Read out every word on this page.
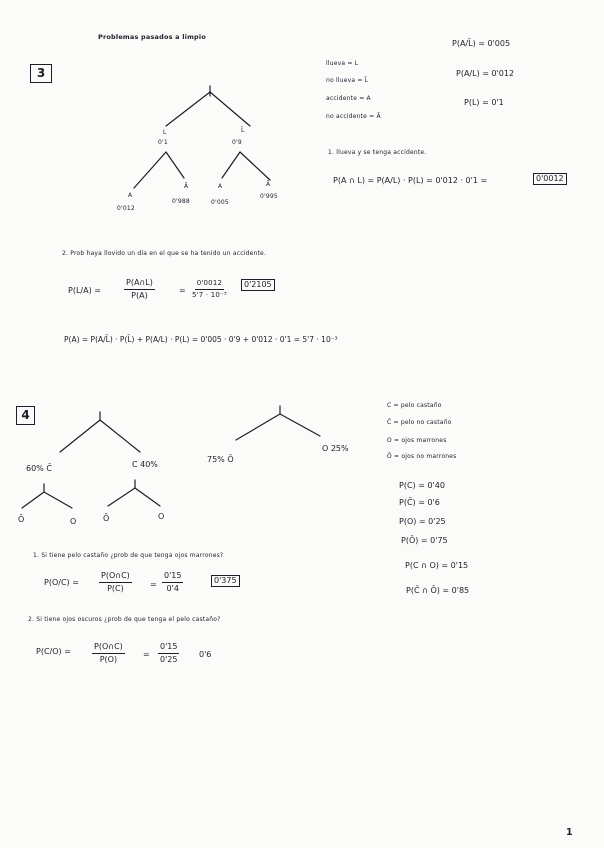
Problemas pasados a limpio
3
llueva = L
no llueva = L̄
accidente = A
no accidente = Ā
P(A/L̄) = 0'005
P(A/L) = 0'012
P(L) = 0'1
L
0'1
L̄
0'9
A
0'012
Ā
0'988
A
0'005
Ā
0'995
1. llueva y se tenga accidente.
P(A ∩ L) = P(A/L) · P(L) = 0'012 · 0'1 =	0'0012
2. Prob haya llovido un día en el que se ha tenido un accidente.
P(L/A) =	$\frac{P(A\cap L)}{P(A)}$	= $\frac{0'0012}{\text{5'7 · 10⁻³}}$	0'2105
P(A) = P(A/L̄) · P(L̄) + P(A/L) · P(L) = 0'005 · 0'9 + 0'012 · 0'1 = 5'7 · 10⁻³
4
C = pelo castaño
C̄ = pelo no castaño
O = ojos marrones
Ō = ojos no marrones
P(C) = 0'40
P(C̄) = 0'6
P(O) = 0'25
P(Ō) = 0'75
P(C ∩ O) = 0'15
P(C̄ ∩ Ō) = 0'85
60% C̄	C 40%
Ō	O	Ō	O
75% Ō
O 25%
1. Si tiene pelo castaño ¿prob de que tenga ojos marrones?
P(O/C) =	$\frac{P(O\cap C)}{P(C)} = \frac{0'15}{0'4}$	0'375
2. Si tiene ojos oscuros ¿prob de que tenga el pelo castaño?
P(C/O) =	$\frac{P(O\cap C)}{P(O)} = \frac{0'15}{0'25} 0'6$
1
